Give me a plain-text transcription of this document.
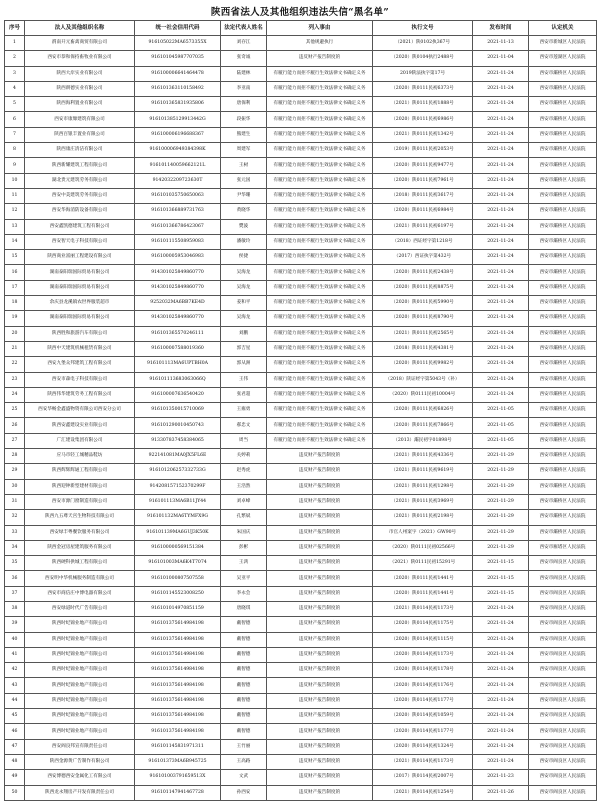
陕西省法人及其他组织违法失信“黑名单”
序号	法人及其他组织名称	统一社会信用代码	法定代表人姓名	列入事由	执行文号	发布时间	认定机关
1	渭南开元畜禽商贸有限公司	916105022MA6573355X	刘存江	其他规避执行	（2021）陕0102执367号	2021-11-13	西安市新城区人民法院
2	西安市恭和保持畜牧业有限公司	916101045987707035	张奇诚	违反财产报告制度的	（2020）陕0104执行2488号	2021-11-04	西安市莲湖区人民法院
3	陕西大岸实业有限公司	916100006641464478	陆建林	有履行能力而拒不履行生效法律文书确定义务	2019陕法执字第17号	2021-11-24	西安市灞桥区人民法院
4	陕西朗德实业有限公司	916101363110158492	李亚南	有履行能力而拒不履行生效法律文书确定义务	（2020）陕0111民初6373号	2021-11-24	西安市灞桥区人民法院
5	陕西海利置业有限公司	916101365831935806	唐保利	有履行能力而拒不履行生效法律文书确定义务	（2021）陕0111民初1888号	2021-11-24	西安市灞桥区人民法院
6	西安市康塬建筑有限公司	916101385129913442G	段振华	有履行能力而拒不履行生效法律文书确定义务	（2020）陕0111民初6986号	2021-11-24	西安市灞桥区人民法院
7	陕西百银丰置业有限公司	916100006196688367	熊建生	有履行能力而拒不履行生效法律文书确定义务	（2021）陕0111民初1342号	2021-11-24	西安市灞桥区人民法院
8	陕西康庄清洁有限公司	916100006949384398K	周建军	有履行能力而拒不履行生效法律文书确定义务	（2019）陕0111民初2053号	2021-11-24	西安市灞桥区人民法院
9	陕西新耀建筑工程有限公司	916101140059662121L	王树	有履行能力而拒不履行生效法律文书确定义务	（2020）陕0111民初9477号	2021-11-24	西安市灞桥区人民法院
10	湖北贵元建筑劳务有限公司	9142032209723630T	张元国	有履行能力而拒不履行生效法律文书确定义务	（2020）陕0111民初7961号	2021-11-24	西安市灞桥区人民法院
11	西安中美建筑劳务有限公司	916101035750650063	尹华珊	有履行能力而拒不履行生效法律文书确定义务	（2018）陕0111民初3617号	2021-11-24	西安市灞桥区人民法院
12	西安华海消防设备有限公司	916101366889731763	黄晓华	有履行能力而拒不履行生效法律文书确定义务	（2020）陕0111民初6984号	2021-11-24	西安市灞桥区人民法院
13	西安鑫凯德建筑工程有限公司	916101366786423067	樊波	有履行能力而拒不履行生效法律文书确定义务	（2021）陕0111民初6197号	2021-11-24	西安市灞桥区人民法院
14	西安智天电子科技有限公司	916101115508959083	潘敏玲	有履行能力而拒不履行生效法律文书确定义务	（2018）西证经字第1218号	2021-11-24	西安市灞桥区人民法院
15	陕西商业富丽工程建设有限公司	916100005953046983	侯捷	有履行能力而拒不履行生效法律文书确定义务	（2017）西证执字第432号	2021-11-24	西安市灞桥区人民法院
16	湖南泰阳瑞国际贸易有限公司	914301025849860770	吴海龙	有履行能力而拒不履行生效法律文书确定义务	（2020）陕0111民初2438号	2021-11-24	西安市灞桥区人民法院
17	湖南泰阳瑞国际贸易有限公司	914301025849860770	吴海龙	有履行能力而拒不履行生效法律文书确定义务	（2020）陕0111民初8875号	2021-11-24	西安市灞桥区人民法院
18	余庆县龙溪镇农世界服装超市	9252032MA6BB7KE4D	姜和平	有履行能力而拒不履行生效法律文书确定义务	（2020）陕0111民初5990号	2021-11-24	西安市灞桥区人民法院
19	湖南泰阳瑞国际贸易有限公司	914301025849860770	吴海龙	有履行能力而拒不履行生效法律文书确定义务	（2020）陕0111民初8790号	2021-11-24	西安市灞桥区人民法院
20	陕西胜和旅游汽车有限公司	916101365570246111	刘鹏	有履行能力而拒不履行生效法律文书确定义务	（2021）陕0111民初2565号	2021-11-24	西安市灞桥区人民法院
21	陕西中天建筑机械租赁有限公司	916100007588019360	郭吉星	有履行能力而拒不履行生效法律文书确定义务	（2018）陕0111民初4381号	2021-11-24	西安市灞桥区人民法院
22	西安九堡众邦建筑工程有限公司	916101113MA6UPTBH0A	郭从洲	有履行能力而拒不履行生效法律文书确定义务	（2020）陕0111民初9982号	2021-11-24	西安市灞桥区人民法院
23	西安市森电子科技有限公司	916101113683063066Q	王伟	有履行能力而拒不履行生效法律文书确定义务	（2018）陕证经字第5043号（补）	2021-11-24	西安市灞桥区人民法院
24	陕西伟华建筑劳务工程有限公司	916100007636540420	张君超	有履行能力而拒不履行生效法律文书确定义务	（2020）陕0111民初10004号	2021-11-24	西安市灞桥区人民法院
25	西安华畅金鑫盛物资有限公司西安分公司	916101350015710069	王雍勇	有履行能力而拒不履行生效法律文书确定义务	（2020）陕0111民初6826号	2021-11-05	西安市灞桥区人民法院
26	陕西安鑫建设实业有限公司	916101290010450743	郝忠文	有履行能力而拒不履行生效法律文书确定义务	（2020）陕0111民初7866号	2021-11-05	西安市灞桥区人民法院
27	广汇建设集团有限公司	913307837458384065	周当	有履行能力而拒不履行生效法律文书确定义务	（2013）灞民初字01898号	2021-11-05	西安市灞桥区人民法院
28	应马市轻工城精品鞋坊	922141081MA0JX5FL6E	关婷莉	违反财产报告制度的	（2021）陕0111民初4336号	2021-11-29	西安市灞桥区人民法院
29	陕西辉辉辉通工程有限公司	916101206257332733G	赵秀虎	违反财产报告制度的	（2021）陕0111民初9619号	2021-11-29	西安市灞桥区人民法院
30	陕西迎钟新型建材有限公司	914208157152370299F	王浩然	违反财产报告制度的	（2021）陕0111民初1298号	2021-11-29	西安市灞桥区人民法院
31	西安市源门窗制造有限公司	916101113MA6B11JY44	刘卓峰	违反财产报告制度的	（2021）陕0111民初3969号	2021-11-29	西安市灞桥区人民法院
32	陕西九五尊天宫生物科技有限公司	916101132MA6TYMFX9G	孔繁斌	违反财产报告制度的	（2021）陕0111民初2198号	2021-11-29	西安市灞桥区人民法院
33	西安绿丰粤餐饮服务有限公司	916101139MA6GUJ3K50K	朱国庆	违反财产报告制度的	市官人州案字（2021）GW90号	2021-11-29	西安市灞桥区人民法院
34	陕西金冠房屋建筑服务有限公司	916100000569151384	彭彬	违反财产报告制度的	（2020）陕0111民初02566号	2021-11-29	西安市雁塔区人民法院
35	陕西硬科供城工程有限公司	916101003MA6K4T7074	王鸿	违反财产报告制度的	（2021）陕0111民初15291号	2021-11-15	西安市阎良区人民法院
36	西安明中华机械服务制造有限公司	916101000807507558	吴亚平	违反财产报告制度的	（2020）陕0111民初1441号	2021-11-15	西安市阎良区人民法院
37	西安市商信庄中博电器有限公司	916101145523008250	李永会	违反财产报告制度的	（2020）陕0111民初1441号	2021-11-15	西安市阎良区人民法院
38	西安绿道时代广告有限公司	916101014970851159	唐晓琪	违反财产报告制度的	（2021）陕0114民初1173号	2021-11-24	西安市阎良区人民法院
39	陕西时纪锦业地产有限公司	916101375614984198	戴智德	违反财产报告制度的	（2020）陕0114民初1175号	2021-11-24	西安市阎良区人民法院
40	陕西时纪锦业地产有限公司	916101375614984198	戴智德	违反财产报告制度的	（2020）陕0114民初1115号	2021-11-24	西安市阎良区人民法院
41	陕西时纪锦业地产有限公司	916101375614984198	戴智德	违反财产报告制度的	（2020）陕0114民初1173号	2021-11-24	西安市阎良区人民法院
42	陕西时纪锦业地产有限公司	916101375614984198	戴智德	违反财产报告制度的	（2020）陕0114民初1178号	2021-11-24	西安市阎良区人民法院
43	陕西时纪锦业地产有限公司	916101375614984198	戴智德	违反财产报告制度的	（2020）陕0114民初1176号	2021-11-24	西安市阎良区人民法院
44	陕西时纪锦业地产有限公司	916101375614984198	戴智德	违反财产报告制度的	（2020）陕0114民初1177号	2021-11-24	西安市阎良区人民法院
45	陕西时纪锦业地产有限公司	916101375614984198	戴智德	违反财产报告制度的	（2020）陕0114民初1059号	2021-11-24	西安市阎良区人民法院
46	陕西时纪锦业地产有限公司	916101375614984198	戴智德	违反财产报告制度的	（2020）陕0114民初1177号	2021-11-24	西安市阎良区人民法院
47	西安阎良邦宣有限责任公司	916101145831971311	王竹丽	违反财产报告制度的	（2020）陕0114民初1324号	2021-11-24	西安市阎良区人民法院
48	陕西金源黄广告制作有限公司	916101373MA6B945725	王高路	违反财产报告制度的	（2021）陕0114民初1173号	2021-11-24	西安市阎良区人民法院
49	西安博德西安金属化工有限公司	916101003791659513X	文武	违反财产报告制度的	（2017）陕0114民初2007号	2021-11-23	西安市阎良区人民法院
50	陕西龙永翔房产开发有限责任公司	916101147941467728	孙西安	违反财产报告制度的	（2021）陕0114民初1254号	2021-11-26	西安市阎良区人民法院
